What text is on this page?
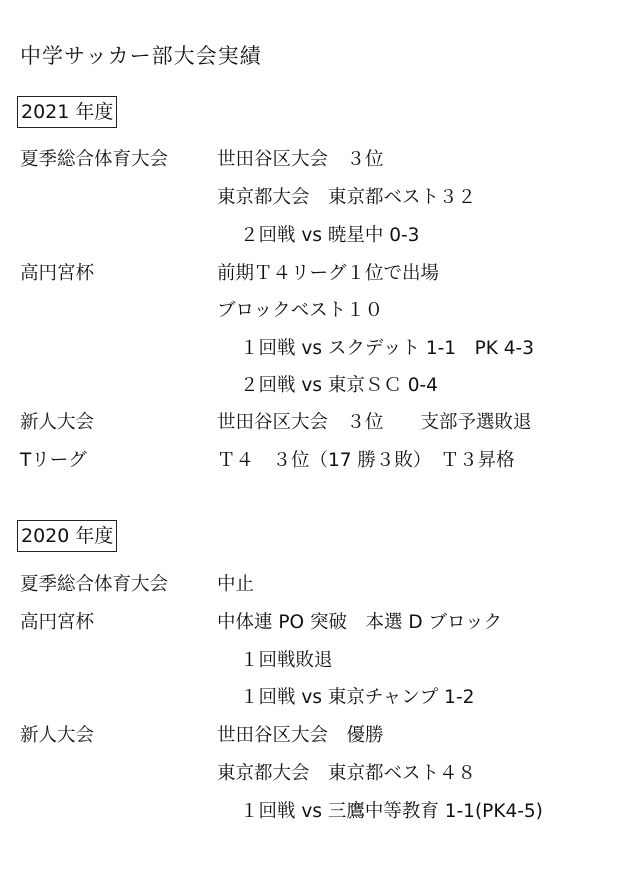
中学サッカー部大会実績
2021 年度
夏季総合体育大会	世田谷区大会　３位
東京都大会　東京都ベスト３２
２回戦 vs 暁星中 0-3
高円宮杯	前期Ｔ４リーグ１位で出場
ブロックベスト１０
１回戦 vs スクデット 1-1　PK 4-3
２回戦 vs 東京ＳＣ 0-4
新人大会	世田谷区大会　３位　　支部予選敗退
Tリーグ	Ｔ４　３位（17 勝３敗）　Ｔ３昇格
2020 年度
夏季総合体育大会	中止
高円宮杯	中体連 PO 突破　本選 D ブロック
１回戦敗退
１回戦 vs 東京チャンプ 1-2
新人大会	世田谷区大会　優勝
東京都大会　東京都ベスト４８
１回戦 vs 三鷹中等教育 1-1(PK4-5)
